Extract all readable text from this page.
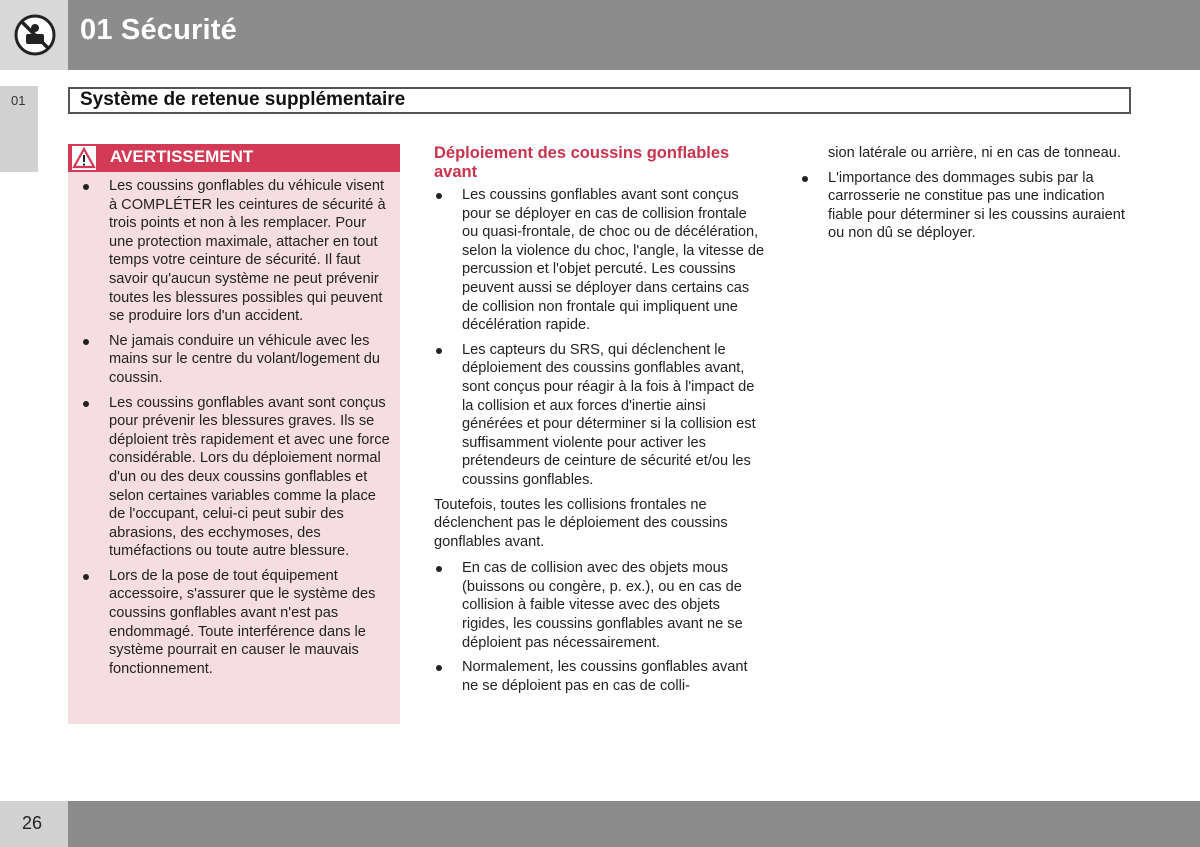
01 Sécurité
01	Système de retenue supplémentaire
AVERTISSEMENT
Les coussins gonflables du véhicule visent à COMPLÉTER les ceintures de sécurité à trois points et non à les remplacer. Pour une protection maximale, attacher en tout temps votre ceinture de sécurité. Il faut savoir qu'aucun système ne peut prévenir toutes les blessures possibles qui peuvent se produire lors d'un accident.
Ne jamais conduire un véhicule avec les mains sur le centre du volant/logement du coussin.
Les coussins gonflables avant sont conçus pour prévenir les blessures graves. Ils se déploient très rapidement et avec une force considérable. Lors du déploiement normal d'un ou des deux coussins gonflables et selon certaines variables comme la place de l'occupant, celui-ci peut subir des abrasions, des ecchymoses, des tuméfactions ou toute autre blessure.
Lors de la pose de tout équipement accessoire, s'assurer que le système des coussins gonflables avant n'est pas endommagé. Toute interférence dans le système pourrait en causer le mauvais fonctionnement.
Déploiement des coussins gonflables avant
Les coussins gonflables avant sont conçus pour se déployer en cas de collision frontale ou quasi-frontale, de choc ou de décélération, selon la violence du choc, l'angle, la vitesse de percussion et l'objet percuté. Les coussins peuvent aussi se déployer dans certains cas de collision non frontale qui impliquent une décélération rapide.
Les capteurs du SRS, qui déclenchent le déploiement des coussins gonflables avant, sont conçus pour réagir à la fois à l'impact de la collision et aux forces d'inertie ainsi générées et pour déterminer si la collision est suffisamment violente pour activer les prétendeurs de ceinture de sécurité et/ou les coussins gonflables.
Toutefois, toutes les collisions frontales ne déclenchent pas le déploiement des coussins gonflables avant.
En cas de collision avec des objets mous (buissons ou congère, p. ex.), ou en cas de collision à faible vitesse avec des objets rigides, les coussins gonflables avant ne se déploient pas nécessairement.
Normalement, les coussins gonflables avant ne se déploient pas en cas de colli-
sion latérale ou arrière, ni en cas de tonneau.
L'importance des dommages subis par la carrosserie ne constitue pas une indication fiable pour déterminer si les coussins auraient ou non dû se déployer.
26
